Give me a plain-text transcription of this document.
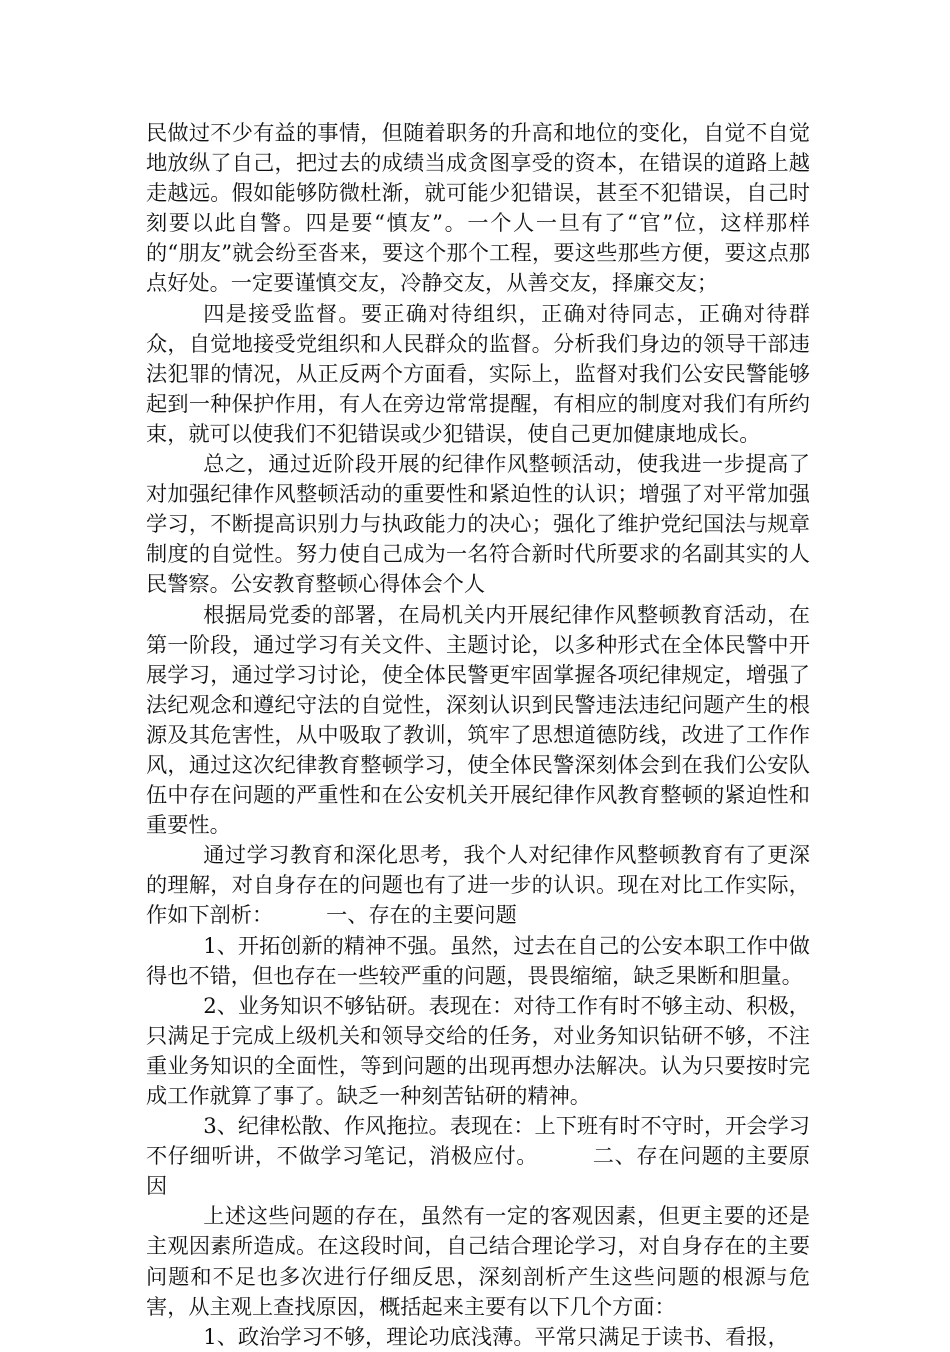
民做过不少有益的事情，但随着职务的升高和地位的变化，自觉不自觉地放纵了自己，把过去的成绩当成贪图享受的资本，在错误的道路上越走越远。假如能够防微杜渐，就可能少犯错误，甚至不犯错误，自己时刻要以此自警。四是要“慎友”。一个人一旦有了“官”位，这样那样的“朋友”就会纷至沓来，要这个那个工程，要这些那些方便，要这点那点好处。一定要谨慎交友，冷静交友，从善交友，择廉交友；

四是接受监督。要正确对待组织，正确对待同志，正确对待群众，自觉地接受党组织和人民群众的监督。分析我们身边的领导干部违法犯罪的情况，从正反两个方面看，实际上，监督对我们公安民警能够起到一种保护作用，有人在旁边常常提醒，有相应的制度对我们有所约束，就可以使我们不犯错误或少犯错误，使自己更加健康地成长。

总之，通过近阶段开展的纪律作风整顿活动，使我进一步提高了对加强纪律作风整顿活动的重要性和紧迫性的认识；增强了对平常加强学习，不断提高识别力与执政能力的决心；强化了维护党纪国法与规章制度的自觉性。努力使自己成为一名符合新时代所要求的名副其实的人民警察。公安教育整顿心得体会个人

根据局党委的部署，在局机关内开展纪律作风整顿教育活动，在第一阶段，通过学习有关文件、主题讨论，以多种形式在全体民警中开展学习，通过学习讨论，使全体民警更牢固掌握各项纪律规定，增强了法纪观念和遵纪守法的自觉性，深刻认识到民警违法违纪问题产生的根源及其危害性，从中吸取了教训，筑牢了思想道德防线，改进了工作作风，通过这次纪律教育整顿学习，使全体民警深刻体会到在我们公安队伍中存在问题的严重性和在公安机关开展纪律作风教育整顿的紧迫性和重要性。

通过学习教育和深化思考，我个人对纪律作风整顿教育有了更深的理解，对自身存在的问题也有了进一步的认识。现在对比工作实际，作如下剖析：　　　一、存在的主要问题

1、开拓创新的精神不强。虽然，过去在自己的公安本职工作中做得也不错，但也存在一些较严重的问题，畏畏缩缩，缺乏果断和胆量。

2、业务知识不够钻研。表现在：对待工作有时不够主动、积极，只满足于完成上级机关和领导交给的任务，对业务知识钻研不够，不注重业务知识的全面性，等到问题的出现再想办法解决。认为只要按时完成工作就算了事了。缺乏一种刻苦钻研的精神。

3、纪律松散、作风拖拉。表现在：上下班有时不守时，开会学习不仔细听讲，不做学习笔记，消极应付。　　　二、存在问题的主要原因

上述这些问题的存在，虽然有一定的客观因素，但更主要的还是主观因素所造成。在这段时间，自己结合理论学习，对自身存在的主要问题和不足也多次进行仔细反思，深刻剖析产生这些问题的根源与危害，从主观上查找原因，概括起来主要有以下几个方面：

1、政治学习不够，理论功底浅薄。平常只满足于读书、看报，
